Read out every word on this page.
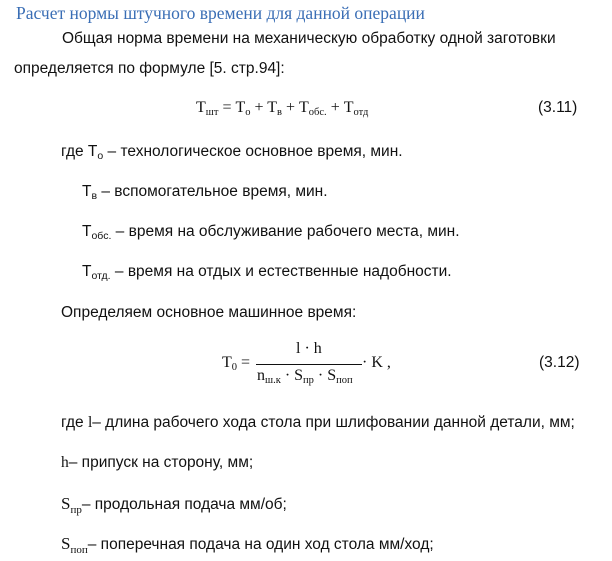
Расчет нормы штучного времени для данной операции
Общая норма времени на механическую обработку одной заготовки
определяется по формуле [5. стр.94]:
$T_{шт} = T_o + T_в + T_{обс.} + T_{отд}$	(3.11)
где $T_о$ – технологическое основное время, мин.
$T_в$ – вспомогательное время, мин.
$T_{обс.}$ – время на обслуживание рабочего места, мин.
$T_{отд.}$ – время на отдых и естественные надобности.
Определяем основное машинное время:
$T_0$ =
l · h
$n_{ш.к} \cdot S_{пр} \cdot S_{поп}$
· K ,	(3.12)
где l– длина рабочего хода стола при шлифовании данной детали, мм;
h– припуск на сторону, мм;
$S_{пр}-$ продольная подача мм/об;
$S_{поп}-$ поперечная подача на один ход стола мм/ход;
